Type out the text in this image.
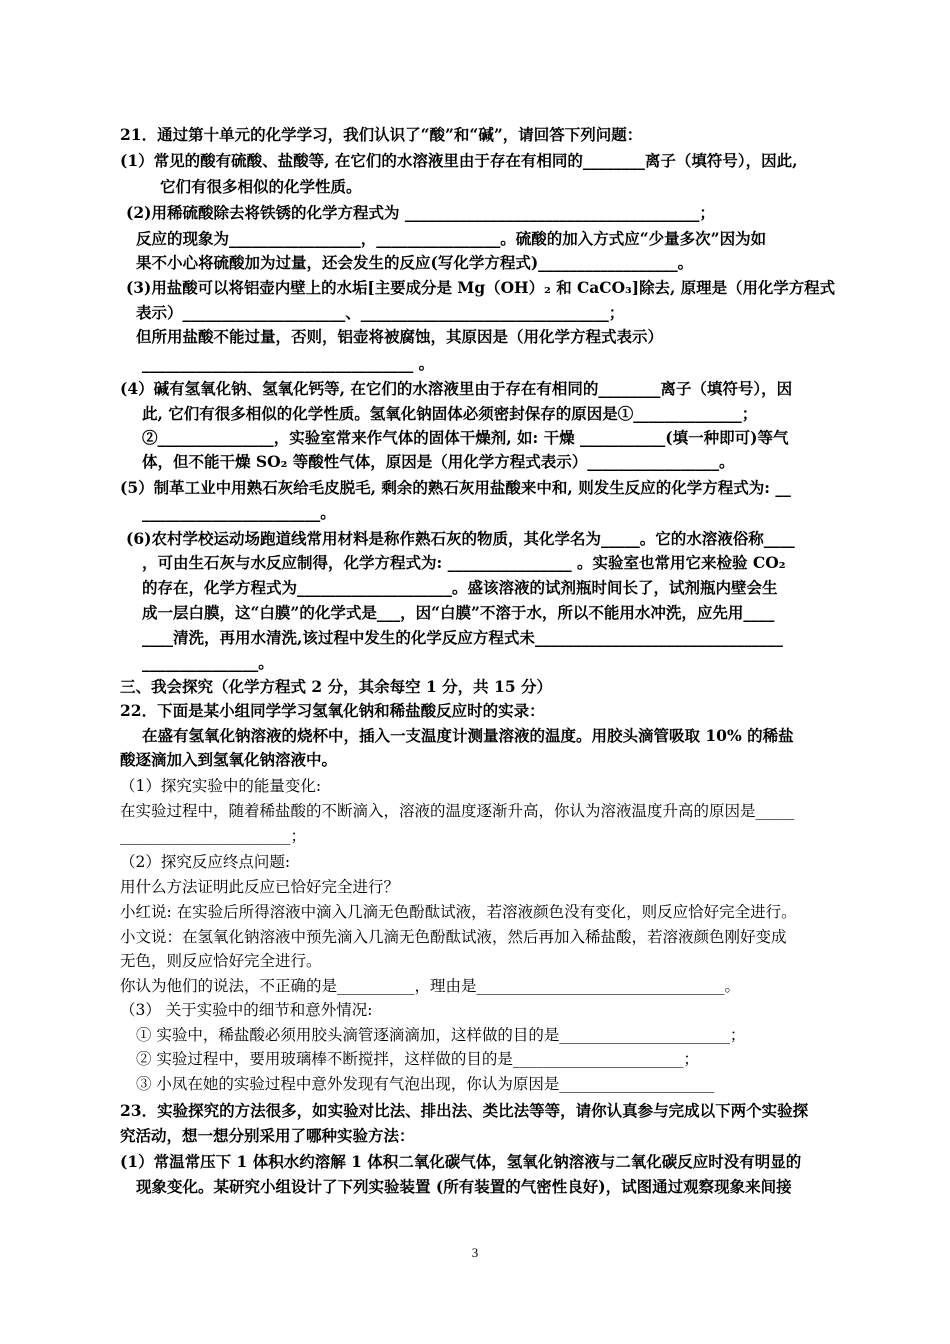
21．通过第十单元的化学学习，我们认识了“酸”和“碱”，请回答下列问题：
(1）常见的酸有硫酸、盐酸等, 在它们的水溶液里由于存在有相同的________离子（填符号），因此,
它们有很多相似的化学性质。
(2)用稀硫酸除去将铁锈的化学方程式为 ______________________________________；
反应的现象为_________________，________________。硫酸的加入方式应“少量多次”因为如
果不小心将硫酸加为过量，还会发生的反应(写化学方程式)__________________。
(3)用盐酸可以将铝壶内壁上的水垢[主要成分是 Mg（OH）₂ 和 CaCO₃]除去, 原理是（用化学方程式
表示）_____________________、________________________________；
但所用盐酸不能过量，否则，铝壶将被腐蚀，其原因是（用化学方程式表示）
___________________________________ 。
(4）碱有氢氧化钠、氢氧化钙等, 在它们的水溶液里由于存在有相同的________离子（填符号），因
此, 它们有很多相似的化学性质。氢氧化钠固体必须密封保存的原因是①______________；
②_______________，实验室常来作气体的固体干燥剂, 如: 干燥 ___________(填一种即可)等气
体，但不能干燥 SO₂ 等酸性气体，原因是（用化学方程式表示）_________________。
(5）制革工业中用熟石灰给毛皮脱毛, 剩余的熟石灰用盐酸来中和, 则发生反应的化学方程式为: __
_______________________。
(6)农村学校运动场跑道线常用材料是称作熟石灰的物质，其化学名为_____。它的水溶液俗称____
，可由生石灰与水反应制得，化学方程式为: ________________ 。实验室也常用它来检验 CO₂
的存在，化学方程式为____________________。盛该溶液的试剂瓶时间长了，试剂瓶内壁会生
成一层白膜，这“白膜”的化学式是___，因“白膜”不溶于水，所以不能用水冲洗，应先用____
____清洗，再用水清洗,该过程中发生的化学反应方程式未________________________________
_______________。
三、我会探究（化学方程式 2 分，其余每空 1 分，共 15 分）
22．下面是某小组同学学习氢氧化钠和稀盐酸反应时的实录：
在盛有氢氧化钠溶液的烧杯中，插入一支温度计测量溶液的温度。用胶头滴管吸取 10% 的稀盐
酸逐滴加入到氢氧化钠溶液中。
（1）探究实验中的能量变化:
在实验过程中，随着稀盐酸的不断滴入，溶液的温度逐渐升高，你认为溶液温度升高的原因是_____
______________________；
（2）探究反应终点问题:
用什么方法证明此反应已恰好完全进行？
小红说: 在实验后所得溶液中滴入几滴无色酚酞试液，若溶液颜色没有变化，则反应恰好完全进行。
小文说：在氢氧化钠溶液中预先滴入几滴无色酚酞试液，然后再加入稀盐酸，若溶液颜色刚好变成
无色，则反应恰好完全进行。
你认为他们的说法，不正确的是__________，理由是________________________________。
（3） 关于实验中的细节和意外情况:
① 实验中，稀盐酸必须用胶头滴管逐滴滴加，这样做的目的是______________________；
② 实验过程中，要用玻璃棒不断搅拌，这样做的目的是______________________；
③ 小凤在她的实验过程中意外发现有气泡出现，你认为原因是____________________
23．实验探究的方法很多，如实验对比法、排出法、类比法等等，请你认真参与完成以下两个实验探
究活动，想一想分别采用了哪种实验方法：
(1）常温常压下 1 体积水约溶解 1 体积二氧化碳气体，氢氧化钠溶液与二氧化碳反应时没有明显的
现象变化。某研究小组设计了下列实验装置 (所有装置的气密性良好)，试图通过观察现象来间接
3
